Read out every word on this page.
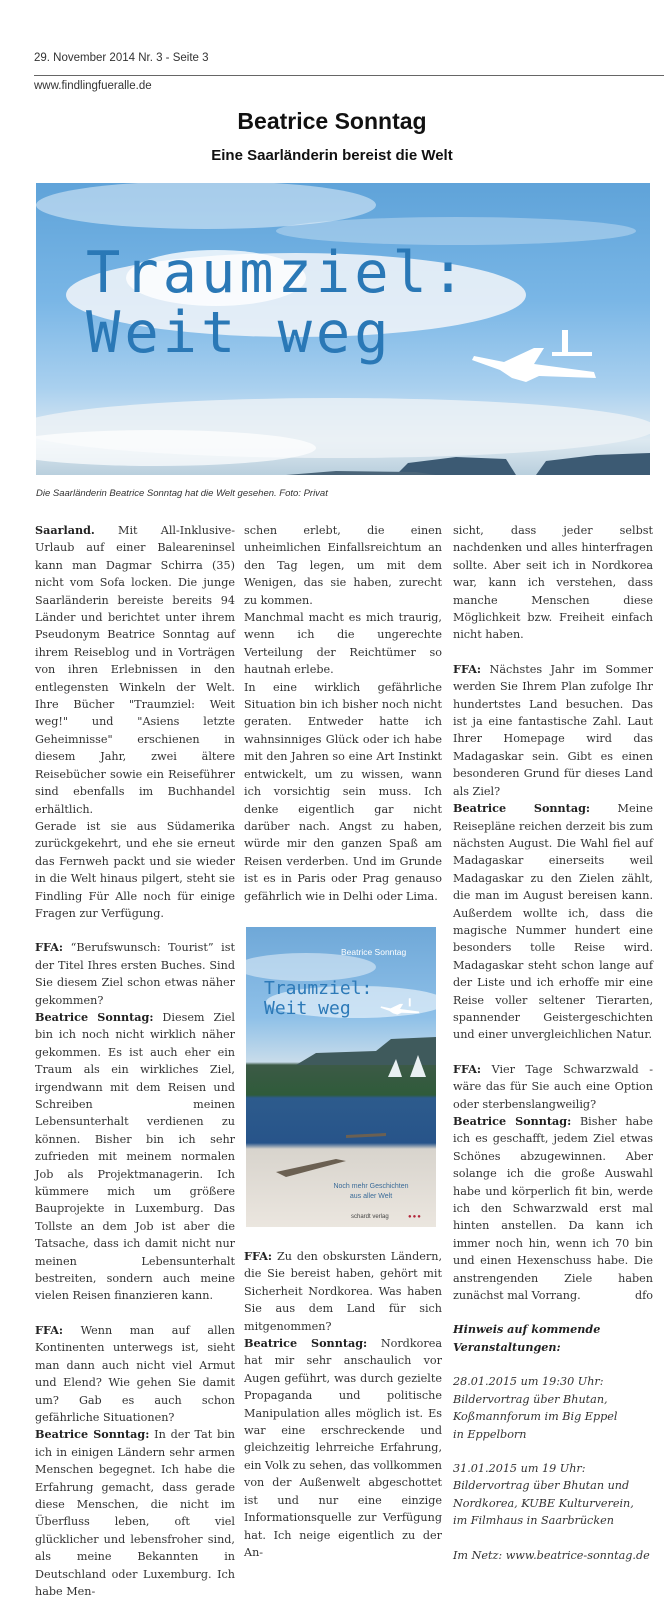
29. November 2014 Nr. 3 - Seite 3
www.findlingfueralle.de
Beatrice Sonntag
Eine Saarländerin bereist die Welt
Traumziel:
Weit weg
Die Saarländerin Beatrice Sonntag hat die Welt gesehen. Foto: Privat

Saarland. Mit All-Inklusive-Urlaub auf einer Baleareninsel kann man Dagmar Schirra (35) nicht vom Sofa locken. Die junge Saarländerin bereiste bereits 94 Länder und berichtet unter ihrem Pseudonym Beatrice Sonntag auf ihrem Reiseblog und in Vorträgen von ihren Erlebnissen in den entlegensten Winkeln der Welt. Ihre Bücher "Traumziel: Weit weg!" und "Asiens letzte Geheimnisse" erschienen in diesem Jahr, zwei ältere Reisebücher sowie ein Reiseführer sind ebenfalls im Buchhandel erhältlich.

Gerade ist sie aus Südamerika zurückgekehrt, und ehe sie erneut das Fernweh packt und sie wieder in die Welt hinaus pilgert, steht sie Findling Für Alle noch für einige Fragen zur Verfügung.

FFA: “Berufswunsch: Tourist” ist der Titel Ihres ersten Buches. Sind Sie diesem Ziel schon etwas näher gekommen?

Beatrice Sonntag: Diesem Ziel bin ich noch nicht wirklich näher gekommen. Es ist auch eher ein Traum als ein wirkliches Ziel, irgendwann mit dem Reisen und Schreiben meinen Lebensunterhalt verdienen zu können. Bisher bin ich sehr zufrieden mit meinem normalen Job als Projektmanagerin. Ich kümmere mich um größere Bauprojekte in Luxemburg. Das Tollste an dem Job ist aber die Tatsache, dass ich damit nicht nur meinen Lebensunterhalt bestreiten, sondern auch meine vielen Reisen finanzieren kann.

FFA: Wenn man auf allen Kontinenten unterwegs ist, sieht man dann auch nicht viel Armut und Elend? Wie gehen Sie damit um? Gab es auch schon gefährliche Situationen?

Beatrice Sonntag: In der Tat bin ich in einigen Ländern sehr armen Menschen begegnet. Ich habe die Erfahrung gemacht, dass gerade diese Menschen, die nicht im Überfluss leben, oft viel glücklicher und lebensfroher sind, als meine Bekannten in Deutschland oder Luxemburg. Ich habe Men-

schen erlebt, die einen unheimlichen Einfallsreichtum an den Tag legen, um mit dem Wenigen, das sie haben, zurecht zu kommen.

Manchmal macht es mich traurig, wenn ich die ungerechte Verteilung der Reichtümer so hautnah erlebe.

In eine wirklich gefährliche Situation bin ich bisher noch nicht geraten. Entweder hatte ich wahnsinniges Glück oder ich habe mit den Jahren so eine Art Instinkt entwickelt, um zu wissen, wann ich vorsichtig sein muss. Ich denke eigentlich gar nicht darüber nach. Angst zu haben, würde mir den ganzen Spaß am Reisen verderben. Und im Grunde ist es in Paris oder Prag genauso gefährlich wie in Delhi oder Lima.

Beatrice Sonntag
Traumziel:
Weit weg
Noch mehr Geschichten
aus aller Welt
schardt verlag	●●●

FFA: Zu den obskursten Ländern, die Sie bereist haben, gehört mit Sicherheit Nordkorea. Was haben Sie aus dem Land für sich mitgenommen?

Beatrice Sonntag: Nordkorea hat mir sehr anschaulich vor Augen geführt, was durch gezielte Propaganda und politische Manipulation alles möglich ist. Es war eine erschreckende und gleichzeitig lehrreiche Erfahrung, ein Volk zu sehen, das vollkommen von der Außenwelt abgeschottet ist und nur eine einzige Informationsquelle zur Verfügung hat. Ich neige eigentlich zu der An-

sicht, dass jeder selbst nachdenken und alles hinterfragen sollte. Aber seit ich in Nordkorea war, kann ich verstehen, dass manche Menschen diese Möglichkeit bzw. Freiheit einfach nicht haben.

FFA: Nächstes Jahr im Sommer werden Sie Ihrem Plan zufolge Ihr hundertstes Land besuchen. Das ist ja eine fantastische Zahl. Laut Ihrer Homepage wird das Madagaskar sein. Gibt es einen besonderen Grund für dieses Land als Ziel?

Beatrice Sonntag: Meine Reisepläne reichen derzeit bis zum nächsten August. Die Wahl fiel auf Madagaskar einerseits weil Madagaskar zu den Zielen zählt, die man im August bereisen kann. Außerdem wollte ich, dass die magische Nummer hundert eine besonders tolle Reise wird. Madagaskar steht schon lange auf der Liste und ich erhoffe mir eine Reise voller seltener Tierarten, spannender Geistergeschichten und einer unvergleichlichen Natur.

FFA: Vier Tage Schwarzwald - wäre das für Sie auch eine Option oder sterbenslangweilig?

Beatrice Sonntag: Bisher habe ich es geschafft, jedem Ziel etwas Schönes abzugewinnen. Aber solange ich die große Auswahl habe und körperlich fit bin, werde ich den Schwarzwald erst mal hinten anstellen. Da kann ich immer noch hin, wenn ich 70 bin und einen Hexenschuss habe. Die anstrengenden Ziele haben zunächst mal Vorrang.	dfo

Hinweis auf kommende
Veranstaltungen:

28.01.2015 um 19:30 Uhr:
Bildervortrag über Bhutan,
Koßmannforum im Big Eppel
in Eppelborn

31.01.2015 um 19 Uhr:
Bildervortrag über Bhutan und
Nordkorea, KUBE Kulturverein,
im Filmhaus in Saarbrücken

Im Netz: www.beatrice-sonntag.de
